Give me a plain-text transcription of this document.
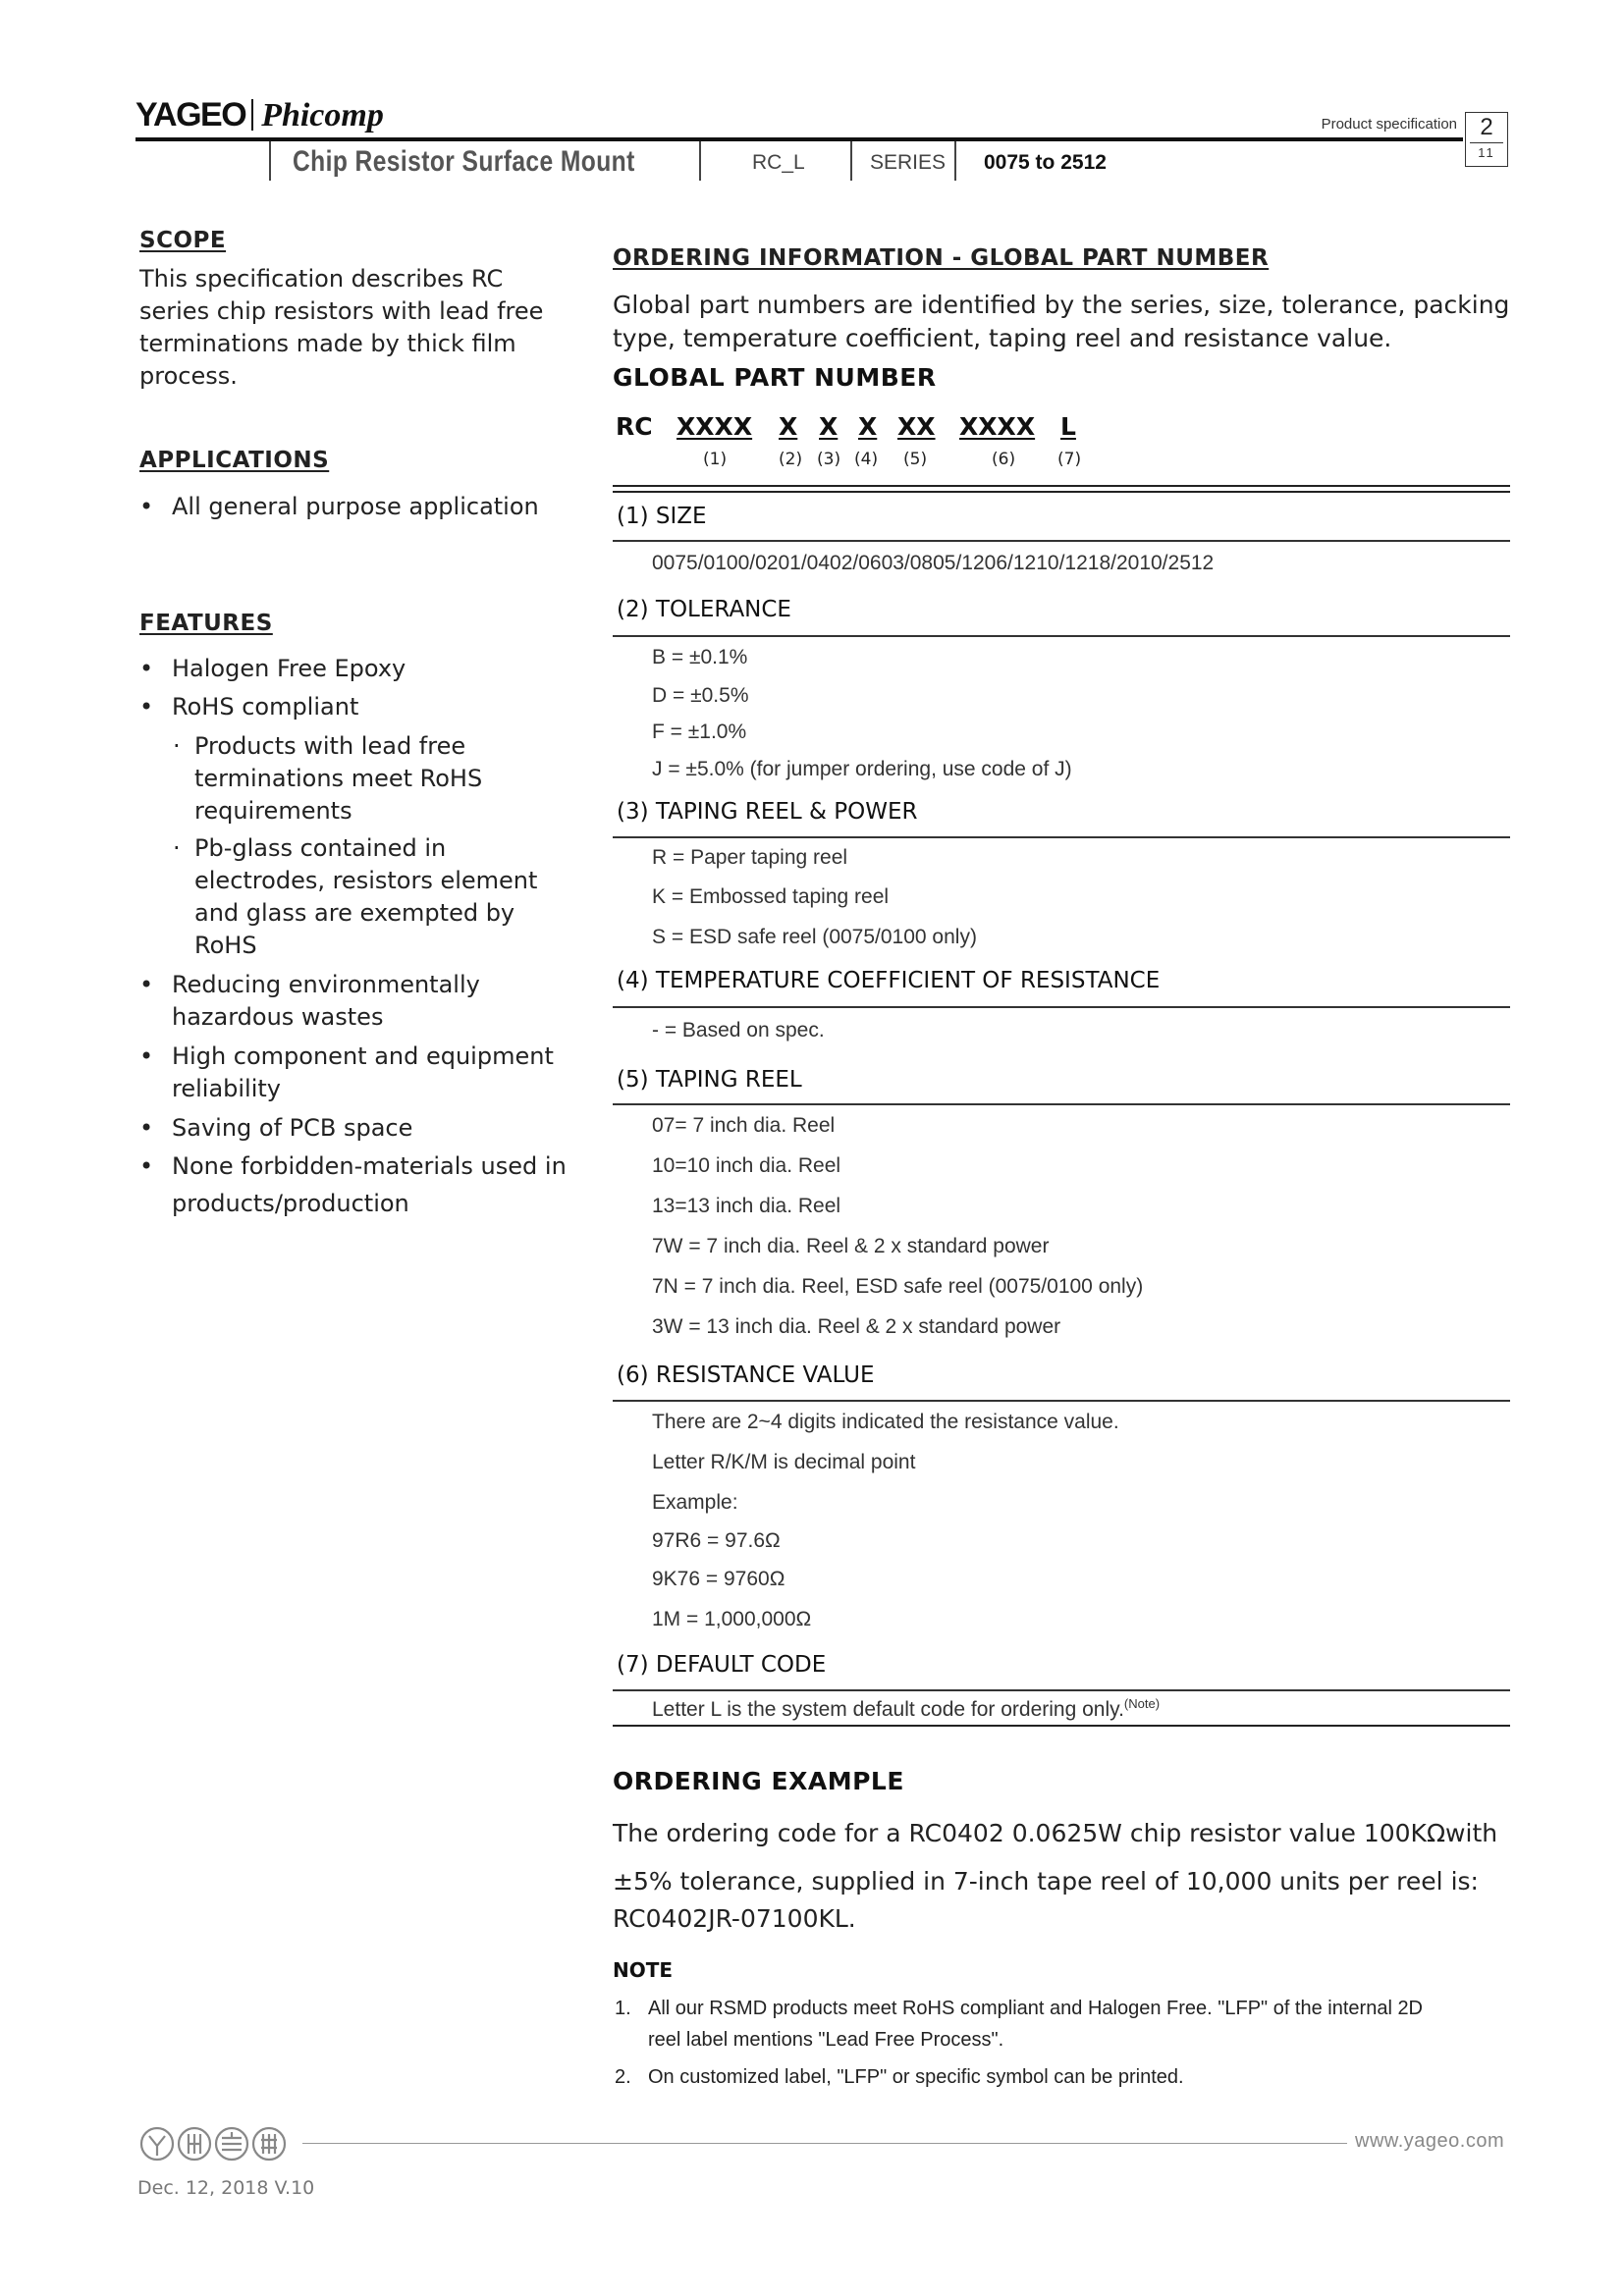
YAGEO Phicomp	Product specification 2
11
Chip Resistor Surface Mount	RC_L	SERIES 0075 to 2512
SCOPE
This specification describes RC series chip resistors with lead free terminations made by thick film process.
APPLICATIONS
• All general purpose application
FEATURES
• Halogen Free Epoxy
• RoHS compliant
· Products with lead free
terminations meet RoHS
requirements
· Pb-glass contained in
electrodes, resistors element
and glass are exempted by
RoHS
• Reducing environmentally
hazardous wastes
• High component and equipment
reliability
• Saving of PCB space
• None forbidden-materials used in
products/production
ORDERING INFORMATION - GLOBAL PART NUMBER
Global part numbers are identified by the series, size, tolerance, packing
type, temperature coefficient, taping reel and resistance value.
GLOBAL PART NUMBER
RC XXXX X X X XX XXXX L
(1)	(2) (3) (4) (5)	(6)	(7)
(1) SIZE
0075/0100/0201/0402/0603/0805/1206/1210/1218/2010/2512
(2) TOLERANCE
B = ±0.1%
D = ±0.5%
F = ±1.0%
J = ±5.0% (for jumper ordering, use code of J)
(3) TAPING REEL & POWER
R = Paper taping reel
K = Embossed taping reel
S = ESD safe reel (0075/0100 only)
(4) TEMPERATURE COEFFICIENT OF RESISTANCE
- = Based on spec.
(5) TAPING REEL
07= 7 inch dia. Reel
10=10 inch dia. Reel
13=13 inch dia. Reel
7W = 7 inch dia. Reel & 2 x standard power
7N = 7 inch dia. Reel, ESD safe reel (0075/0100 only)
3W = 13 inch dia. Reel & 2 x standard power
(6) RESISTANCE VALUE
There are 2~4 digits indicated the resistance value.
Letter R/K/M is decimal point
Example:
97R6 = 97.6Ω
9K76 = 9760Ω
1M = 1,000,000Ω
(7) DEFAULT CODE
Letter L is the system default code for ordering only.$^{(Note)}$
ORDERING EXAMPLE
The ordering code for a RC0402 0.0625W chip resistor value 100KΩwith
±5% tolerance, supplied in 7-inch tape reel of 10,000 units per reel is:
RC0402JR-07100KL.
NOTE
1. All our RSMD products meet RoHS compliant and Halogen Free. "LFP" of the internal 2D
reel label mentions "Lead Free Process".
2. On customized label, "LFP" or specific symbol can be printed.
www.yageo.com
Dec. 12, 2018 V.10
